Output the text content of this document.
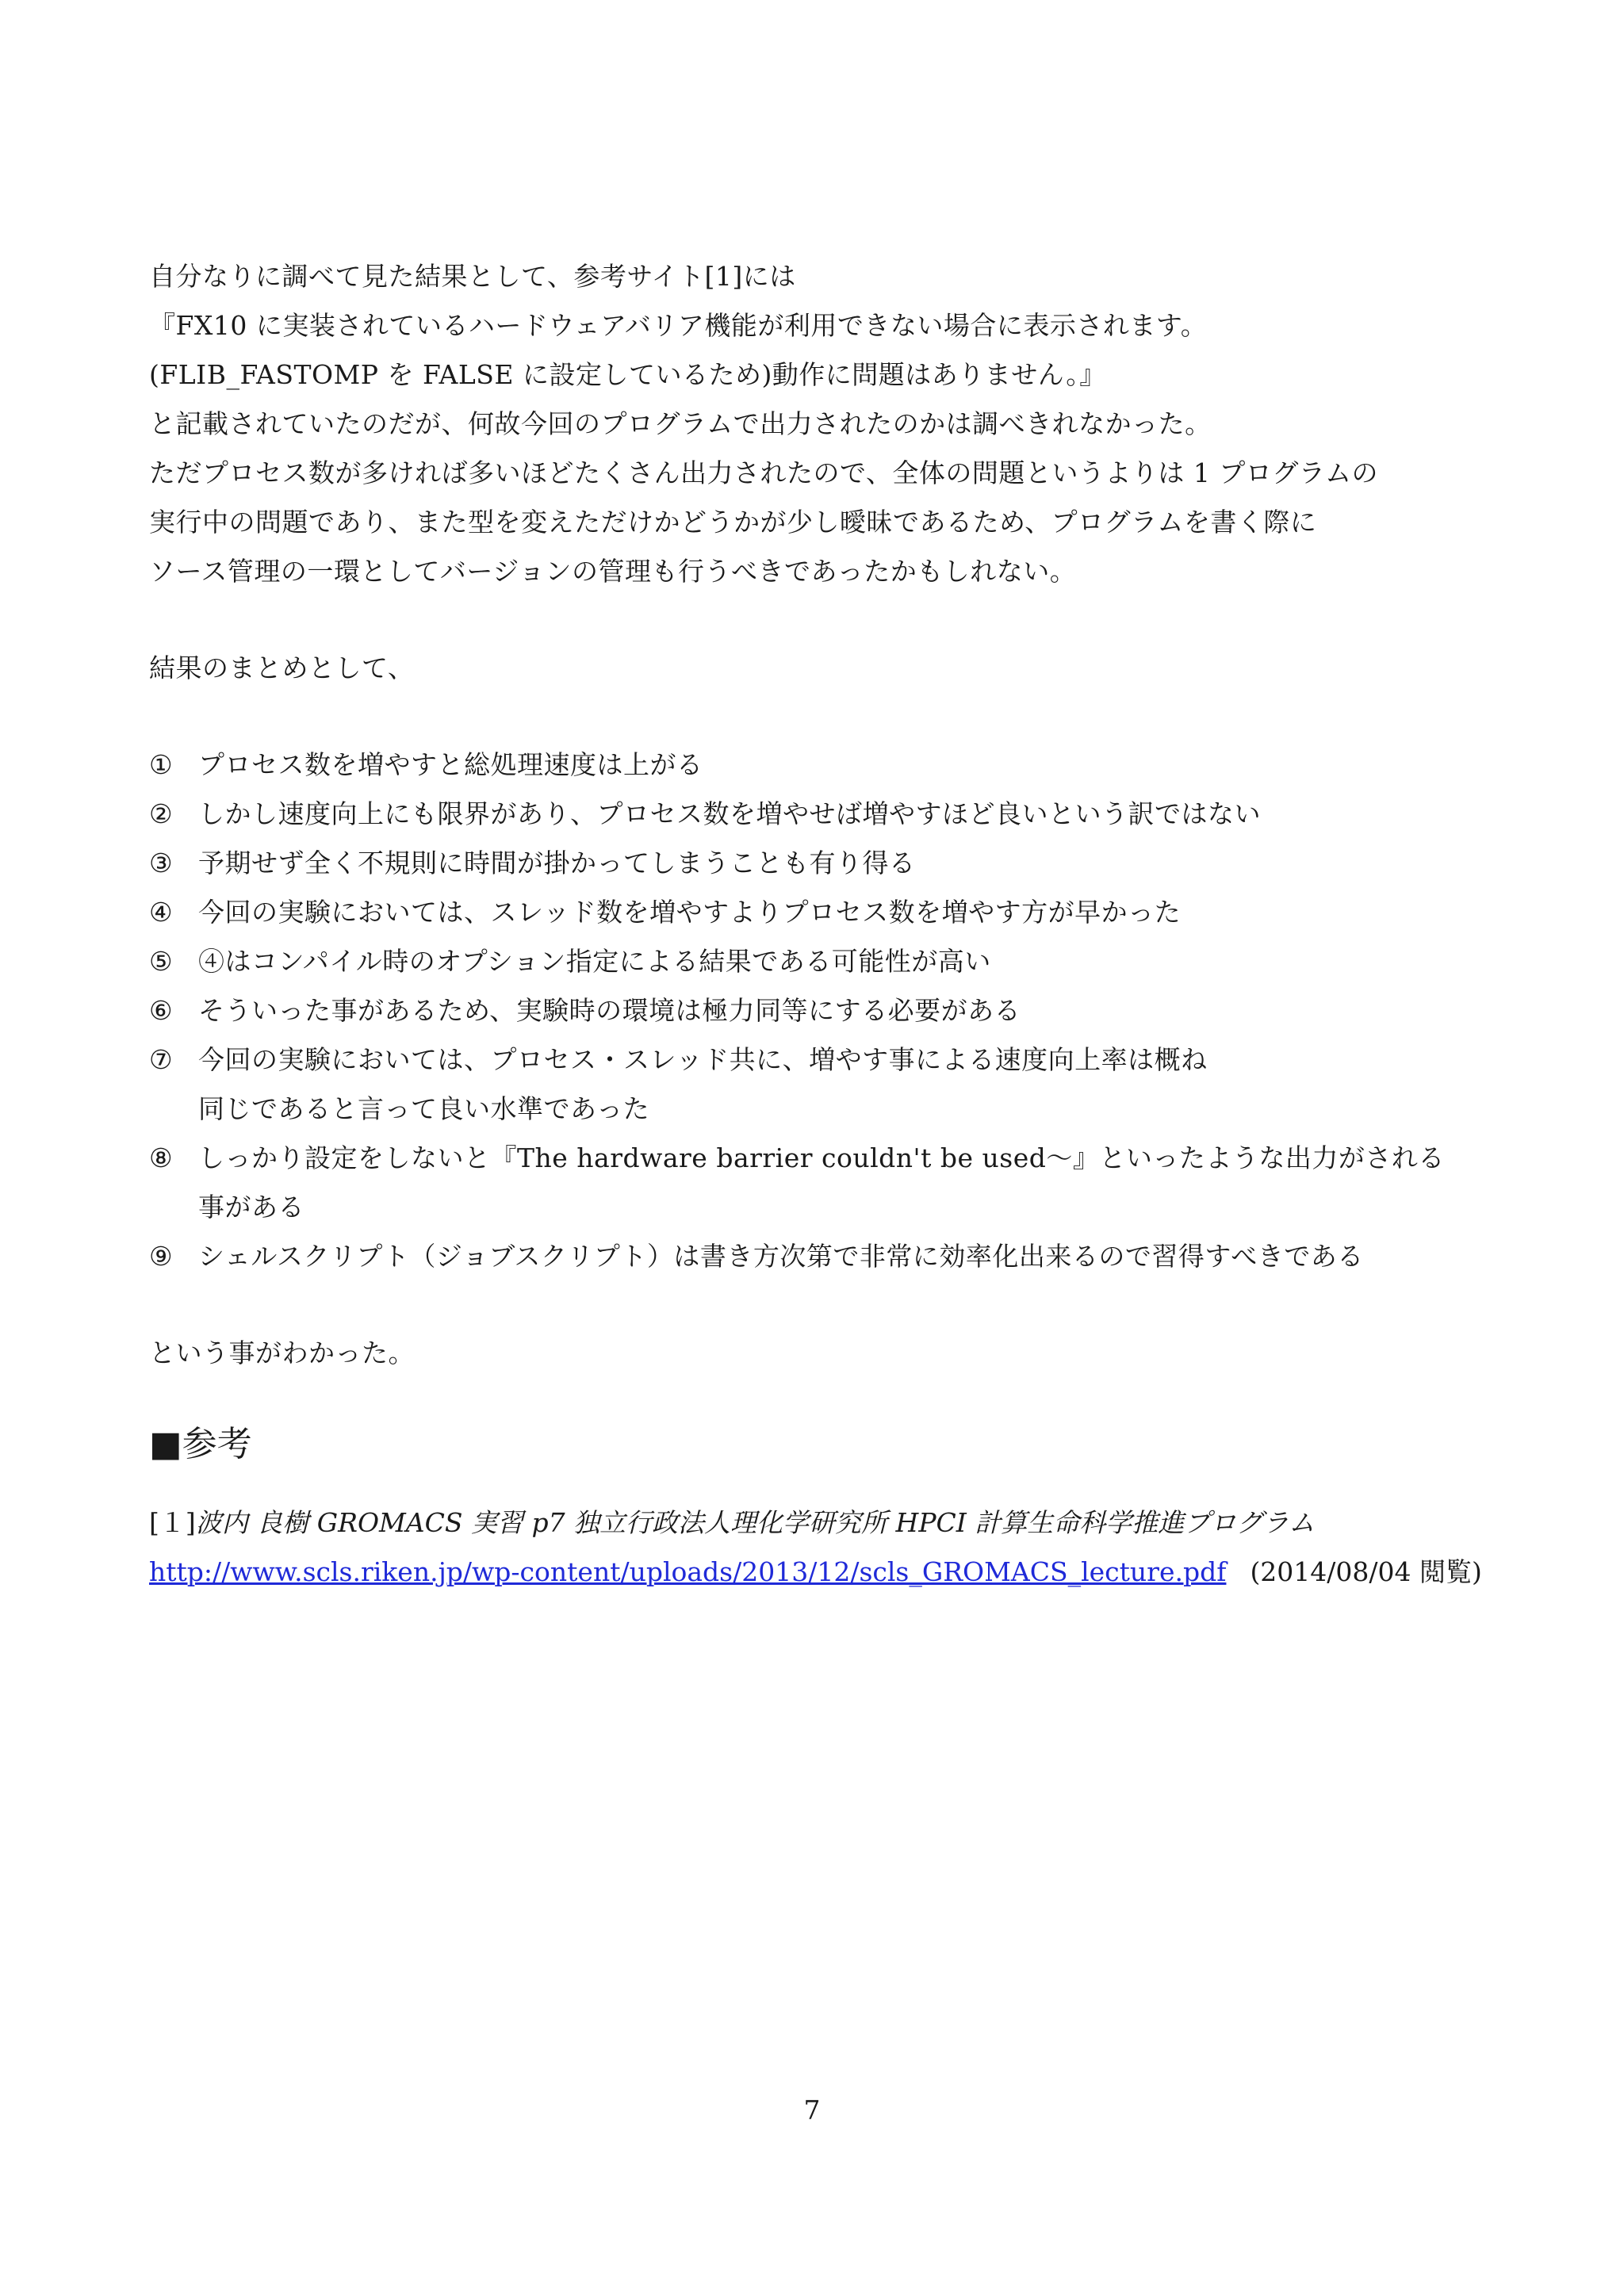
自分なりに調べて見た結果として、参考サイト[1]には
『FX10 に実装されているハードウェアバリア機能が利用できない場合に表示されます。
(FLIB_FASTOMP を FALSE に設定しているため)動作に問題はありません。』
と記載されていたのだが、何故今回のプログラムで出力されたのかは調べきれなかった。
ただプロセス数が多ければ多いほどたくさん出力されたので、全体の問題というよりは 1 プログラムの
実行中の問題であり、また型を変えただけかどうかが少し曖昧であるため、プログラムを書く際に
ソース管理の一環としてバージョンの管理も行うべきであったかもしれない。
結果のまとめとして、
① プロセス数を増やすと総処理速度は上がる
② しかし速度向上にも限界があり、プロセス数を増やせば増やすほど良いという訳ではない
③ 予期せず全く不規則に時間が掛かってしまうことも有り得る
④ 今回の実験においては、スレッド数を増やすよりプロセス数を増やす方が早かった
⑤ ④はコンパイル時のオプション指定による結果である可能性が高い
⑥ そういった事があるため、実験時の環境は極力同等にする必要がある
⑦ 今回の実験においては、プロセス・スレッド共に、増やす事による速度向上率は概ね
同じであると言って良い水準であった
⑧ しっかり設定をしないと『The hardware barrier couldn't be used～』といったような出力がされる
事がある
⑨ シェルスクリプト（ジョブスクリプト）は書き方次第で非常に効率化出来るので習得すべきである
という事がわかった。
■参考
[１]波内 良樹 GROMACS 実習 p7 独立行政法人理化学研究所 HPCI 計算生命科学推進プログラム
http://www.scls.riken.jp/wp-content/uploads/2013/12/scls_GROMACS_lecture.pdf (2014/08/04 閲覧)
7
